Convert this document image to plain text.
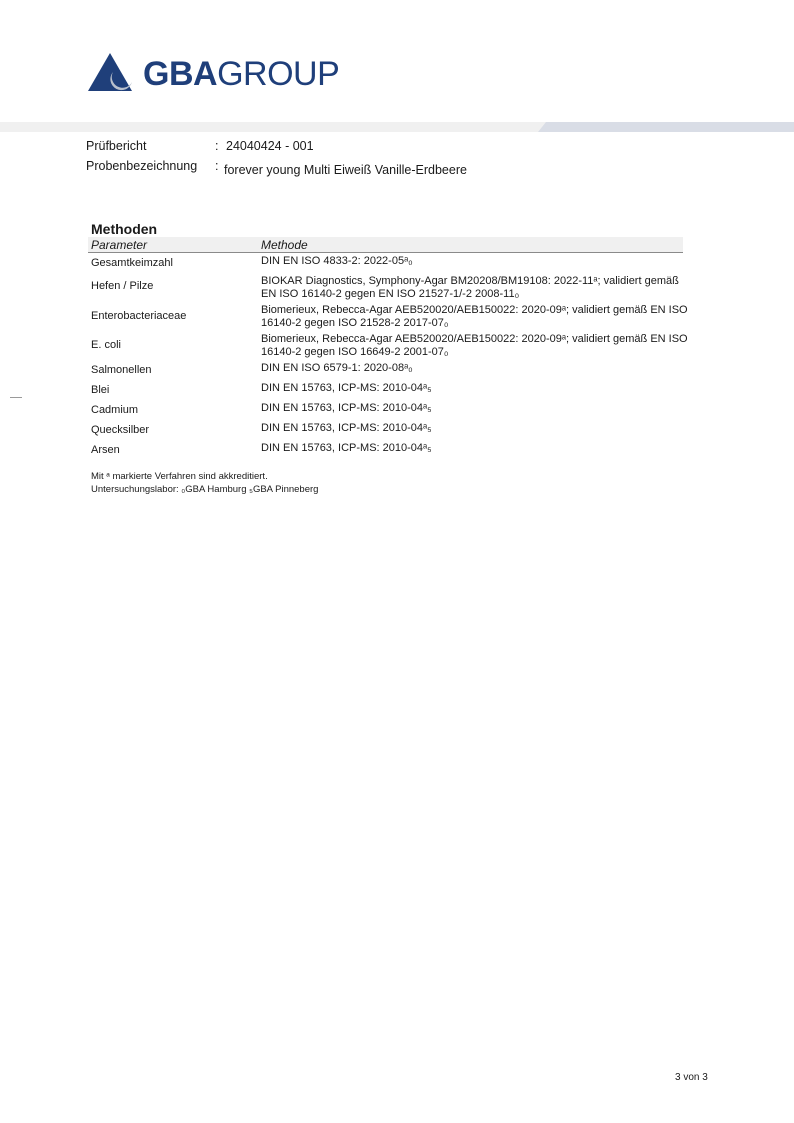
GBAGROUP
Prüfbericht	: 24040424 - 001
Probenbezeichnung : forever young Multi Eiweiß Vanille-Erdbeere
Methoden
Parameter	Methode
Gesamtkeimzahl	DIN EN ISO 4833-2: 2022-05ᵃ₀
Hefen / Pilze	BIOKAR Diagnostics, Symphony-Agar BM20208/BM19108: 2022-11ᵃ; validiert gemäß EN ISO 16140-2 gegen EN ISO 21527-1/-2 2008-11₀
Enterobacteriaceae	Biomerieux, Rebecca-Agar AEB520020/AEB150022: 2020-09ᵃ; validiert gemäß EN ISO 16140-2 gegen ISO 21528-2 2017-07₀
E. coli	Biomerieux, Rebecca-Agar AEB520020/AEB150022: 2020-09ᵃ; validiert gemäß EN ISO 16140-2 gegen ISO 16649-2 2001-07₀
Salmonellen	DIN EN ISO 6579-1: 2020-08ᵃ₀
Blei	DIN EN 15763, ICP-MS: 2010-04ᵃ₅
Cadmium	DIN EN 15763, ICP-MS: 2010-04ᵃ₅
Quecksilber	DIN EN 15763, ICP-MS: 2010-04ᵃ₅
Arsen	DIN EN 15763, ICP-MS: 2010-04ᵃ₅
Mit ᵃ markierte Verfahren sind akkreditiert.
Untersuchungslabor: ₀GBA Hamburg ₅GBA Pinneberg
3 von 3
